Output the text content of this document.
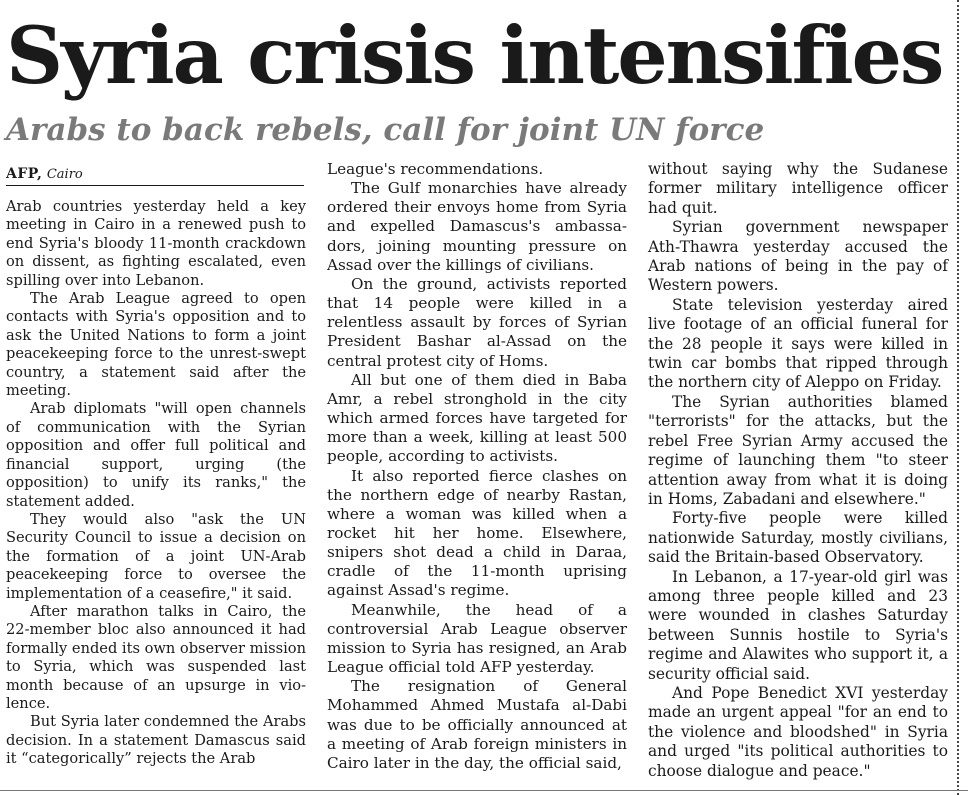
Syria crisis intensifies
Arabs to back rebels, call for joint UN force
AFP, Cairo

Arab countries yesterday held a key meeting in Cairo in a renewed push to end Syria's bloody 11-month crackdown on dissent, as fighting escalated, even spilling over into Lebanon.

The Arab League agreed to open contacts with Syria's opposition and to ask the United Nations to form a joint peacekeeping force to the unrest-swept country, a statement said after the meeting.

Arab diplomats "will open channels of communication with the Syrian opposition and offer full political and financial support, urging (the opposition) to unify its ranks," the statement added.

They would also "ask the UN Security Council to issue a decision on the formation of a joint UN-Arab peacekeeping force to oversee the implementation of a ceasefire," it said.

After marathon talks in Cairo, the 22-member bloc also announced it had formally ended its own observer mission to Syria, which was suspended last month because of an upsurge in violence.

But Syria later condemned the Arabs decision. In a statement Damascus said it “categorically” rejects the Arab

League's recommendations.

The Gulf monarchies have already ordered their envoys home from Syria and expelled Damascus's ambassadors, joining mounting pressure on Assad over the killings of civilians.

On the ground, activists reported that 14 people were killed in a relentless assault by forces of Syrian President Bashar al-Assad on the central protest city of Homs.

All but one of them died in Baba Amr, a rebel stronghold in the city which armed forces have targeted for more than a week, killing at least 500 people, according to activists.

It also reported fierce clashes on the northern edge of nearby Rastan, where a woman was killed when a rocket hit her home. Elsewhere, snipers shot dead a child in Daraa, cradle of the 11-month uprising against Assad's regime.

Meanwhile, the head of a controversial Arab League observer mission to Syria has resigned, an Arab League official told AFP yesterday.

The resignation of General Mohammed Ahmed Mustafa al-Dabi was due to be officially announced at a meeting of Arab foreign ministers in Cairo later in the day, the official said,

without saying why the Sudanese former military intelligence officer had quit.

Syrian government newspaper Ath-Thawra yesterday accused the Arab nations of being in the pay of Western powers.

State television yesterday aired live footage of an official funeral for the 28 people it says were killed in twin car bombs that ripped through the northern city of Aleppo on Friday.

The Syrian authorities blamed "terrorists" for the attacks, but the rebel Free Syrian Army accused the regime of launching them "to steer attention away from what it is doing in Homs, Zabadani and elsewhere."

Forty-five people were killed nationwide Saturday, mostly civilians, said the Britain-based Observatory.

In Lebanon, a 17-year-old girl was among three people killed and 23 were wounded in clashes Saturday between Sunnis hostile to Syria's regime and Alawites who support it, a security official said.

And Pope Benedict XVI yesterday made an urgent appeal "for an end to the violence and bloodshed" in Syria and urged "its political authorities to choose dialogue and peace."
